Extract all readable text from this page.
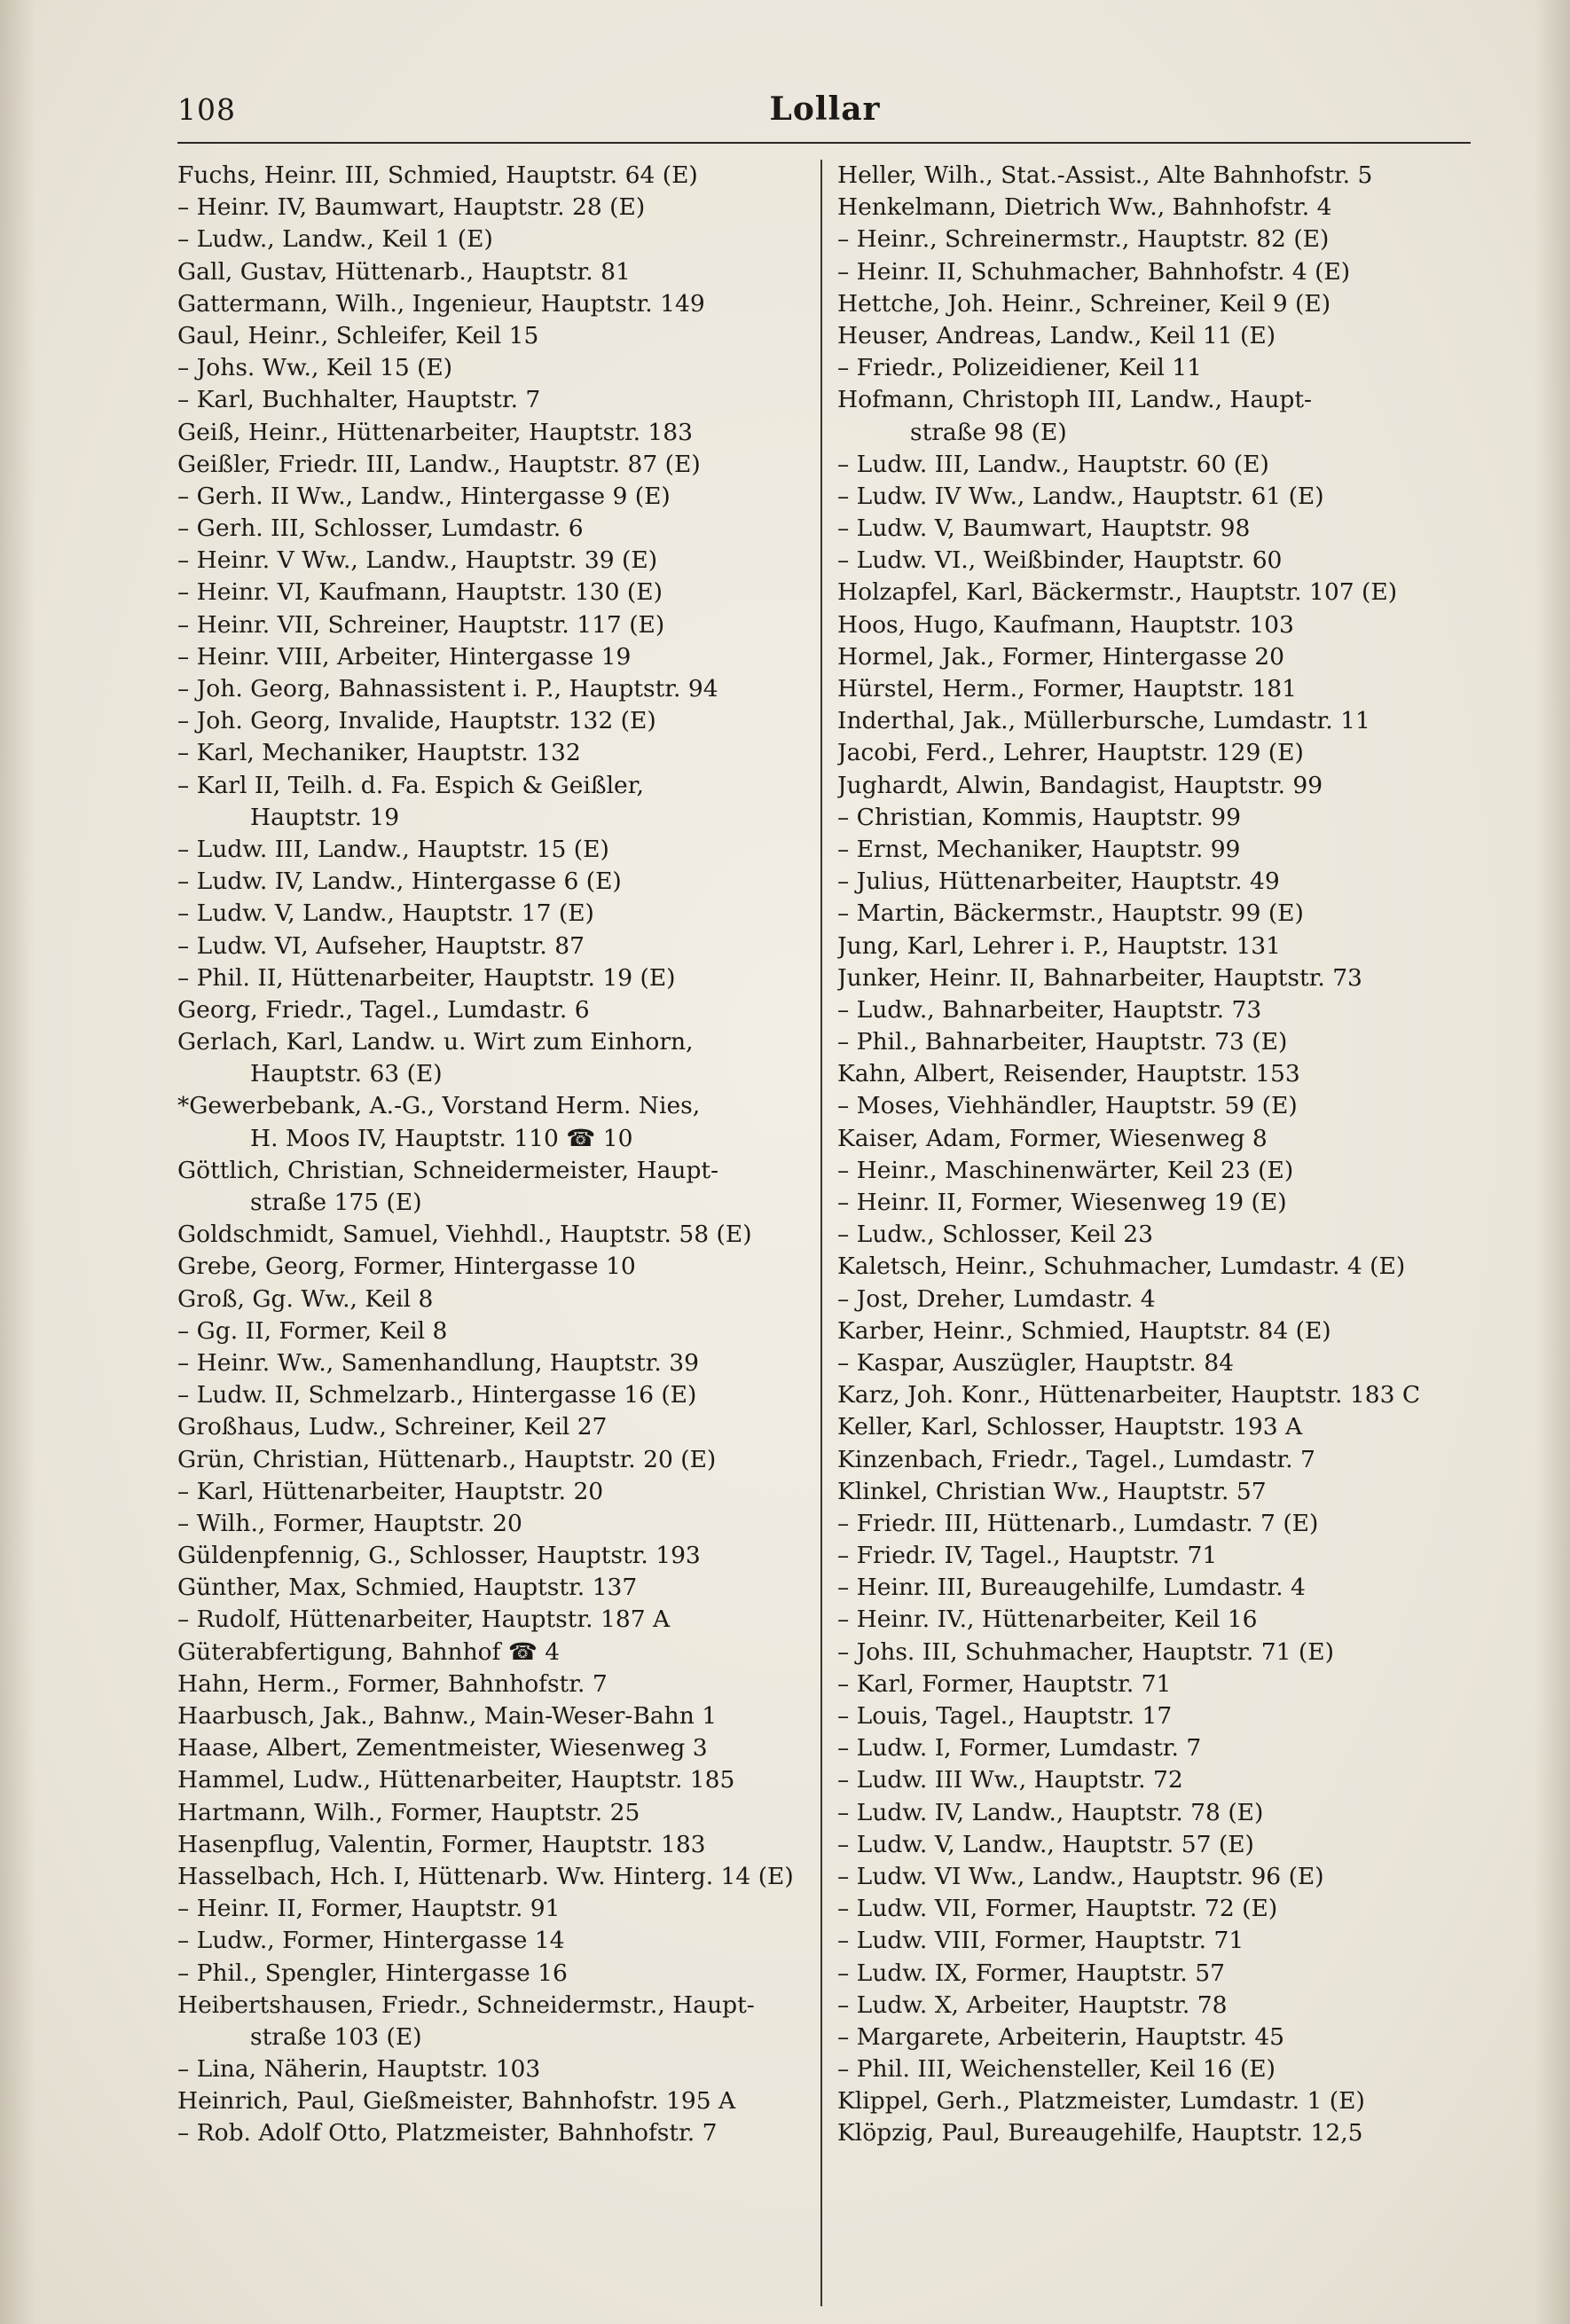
108	Lollar
Fuchs, Heinr. III, Schmied, Hauptstr. 64 (E)
– Heinr. IV, Baumwart, Hauptstr. 28 (E)
– Ludw., Landw., Keil 1 (E)
Gall, Gustav, Hüttenarb., Hauptstr. 81
Gattermann, Wilh., Ingenieur, Hauptstr. 149
Gaul, Heinr., Schleifer, Keil 15
– Johs. Ww., Keil 15 (E)
– Karl, Buchhalter, Hauptstr. 7
Geiß, Heinr., Hüttenarbeiter, Hauptstr. 183
Geißler, Friedr. III, Landw., Hauptstr. 87 (E)
– Gerh. II Ww., Landw., Hintergasse 9 (E)
– Gerh. III, Schlosser, Lumdastr. 6
– Heinr. V Ww., Landw., Hauptstr. 39 (E)
– Heinr. VI, Kaufmann, Hauptstr. 130 (E)
– Heinr. VII, Schreiner, Hauptstr. 117 (E)
– Heinr. VIII, Arbeiter, Hintergasse 19
– Joh. Georg, Bahnassistent i. P., Hauptstr. 94
– Joh. Georg, Invalide, Hauptstr. 132 (E)
– Karl, Mechaniker, Hauptstr. 132
– Karl II, Teilh. d. Fa. Espich & Geißler,
Hauptstr. 19
– Ludw. III, Landw., Hauptstr. 15 (E)
– Ludw. IV, Landw., Hintergasse 6 (E)
– Ludw. V, Landw., Hauptstr. 17 (E)
– Ludw. VI, Aufseher, Hauptstr. 87
– Phil. II, Hüttenarbeiter, Hauptstr. 19 (E)
Georg, Friedr., Tagel., Lumdastr. 6
Gerlach, Karl, Landw. u. Wirt zum Einhorn,
Hauptstr. 63 (E)
*Gewerbebank, A.-G., Vorstand Herm. Nies,
H. Moos IV, Hauptstr. 110 ☎ 10
Göttlich, Christian, Schneidermeister, Haupt-
straße 175 (E)
Goldschmidt, Samuel, Viehhdl., Hauptstr. 58 (E)
Grebe, Georg, Former, Hintergasse 10
Groß, Gg. Ww., Keil 8
– Gg. II, Former, Keil 8
– Heinr. Ww., Samenhandlung, Hauptstr. 39
– Ludw. II, Schmelzarb., Hintergasse 16 (E)
Großhaus, Ludw., Schreiner, Keil 27
Grün, Christian, Hüttenarb., Hauptstr. 20 (E)
– Karl, Hüttenarbeiter, Hauptstr. 20
– Wilh., Former, Hauptstr. 20
Güldenpfennig, G., Schlosser, Hauptstr. 193
Günther, Max, Schmied, Hauptstr. 137
– Rudolf, Hüttenarbeiter, Hauptstr. 187 A
Güterabfertigung, Bahnhof ☎ 4
Hahn, Herm., Former, Bahnhofstr. 7
Haarbusch, Jak., Bahnw., Main-Weser-Bahn 1
Haase, Albert, Zementmeister, Wiesenweg 3
Hammel, Ludw., Hüttenarbeiter, Hauptstr. 185
Hartmann, Wilh., Former, Hauptstr. 25
Hasenpflug, Valentin, Former, Hauptstr. 183
Hasselbach, Hch. I, Hüttenarb. Ww. Hinterg. 14 (E)
– Heinr. II, Former, Hauptstr. 91
– Ludw., Former, Hintergasse 14
– Phil., Spengler, Hintergasse 16
Heibertshausen, Friedr., Schneidermstr., Haupt-
straße 103 (E)
– Lina, Näherin, Hauptstr. 103
Heinrich, Paul, Gießmeister, Bahnhofstr. 195 A
– Rob. Adolf Otto, Platzmeister, Bahnhofstr. 7
Heller, Wilh., Stat.-Assist., Alte Bahnhofstr. 5
Henkelmann, Dietrich Ww., Bahnhofstr. 4
– Heinr., Schreinermstr., Hauptstr. 82 (E)
– Heinr. II, Schuhmacher, Bahnhofstr. 4 (E)
Hettche, Joh. Heinr., Schreiner, Keil 9 (E)
Heuser, Andreas, Landw., Keil 11 (E)
– Friedr., Polizeidiener, Keil 11
Hofmann, Christoph III, Landw., Haupt-
straße 98 (E)
– Ludw. III, Landw., Hauptstr. 60 (E)
– Ludw. IV Ww., Landw., Hauptstr. 61 (E)
– Ludw. V, Baumwart, Hauptstr. 98
– Ludw. VI., Weißbinder, Hauptstr. 60
Holzapfel, Karl, Bäckermstr., Hauptstr. 107 (E)
Hoos, Hugo, Kaufmann, Hauptstr. 103
Hormel, Jak., Former, Hintergasse 20
Hürstel, Herm., Former, Hauptstr. 181
Inderthal, Jak., Müllerbursche, Lumdastr. 11
Jacobi, Ferd., Lehrer, Hauptstr. 129 (E)
Jughardt, Alwin, Bandagist, Hauptstr. 99
– Christian, Kommis, Hauptstr. 99
– Ernst, Mechaniker, Hauptstr. 99
– Julius, Hüttenarbeiter, Hauptstr. 49
– Martin, Bäckermstr., Hauptstr. 99 (E)
Jung, Karl, Lehrer i. P., Hauptstr. 131
Junker, Heinr. II, Bahnarbeiter, Hauptstr. 73
– Ludw., Bahnarbeiter, Hauptstr. 73
– Phil., Bahnarbeiter, Hauptstr. 73 (E)
Kahn, Albert, Reisender, Hauptstr. 153
– Moses, Viehhändler, Hauptstr. 59 (E)
Kaiser, Adam, Former, Wiesenweg 8
– Heinr., Maschinenwärter, Keil 23 (E)
– Heinr. II, Former, Wiesenweg 19 (E)
– Ludw., Schlosser, Keil 23
Kaletsch, Heinr., Schuhmacher, Lumdastr. 4 (E)
– Jost, Dreher, Lumdastr. 4
Karber, Heinr., Schmied, Hauptstr. 84 (E)
– Kaspar, Auszügler, Hauptstr. 84
Karz, Joh. Konr., Hüttenarbeiter, Hauptstr. 183 C
Keller, Karl, Schlosser, Hauptstr. 193 A
Kinzenbach, Friedr., Tagel., Lumdastr. 7
Klinkel, Christian Ww., Hauptstr. 57
– Friedr. III, Hüttenarb., Lumdastr. 7 (E)
– Friedr. IV, Tagel., Hauptstr. 71
– Heinr. III, Bureaugehilfe, Lumdastr. 4
– Heinr. IV., Hüttenarbeiter, Keil 16
– Johs. III, Schuhmacher, Hauptstr. 71 (E)
– Karl, Former, Hauptstr. 71
– Louis, Tagel., Hauptstr. 17
– Ludw. I, Former, Lumdastr. 7
– Ludw. III Ww., Hauptstr. 72
– Ludw. IV, Landw., Hauptstr. 78 (E)
– Ludw. V, Landw., Hauptstr. 57 (E)
– Ludw. VI Ww., Landw., Hauptstr. 96 (E)
– Ludw. VII, Former, Hauptstr. 72 (E)
– Ludw. VIII, Former, Hauptstr. 71
– Ludw. IX, Former, Hauptstr. 57
– Ludw. X, Arbeiter, Hauptstr. 78
– Margarete, Arbeiterin, Hauptstr. 45
– Phil. III, Weichensteller, Keil 16 (E)
Klippel, Gerh., Platzmeister, Lumdastr. 1 (E)
Klöpzig, Paul, Bureaugehilfe, Hauptstr. 12,5
